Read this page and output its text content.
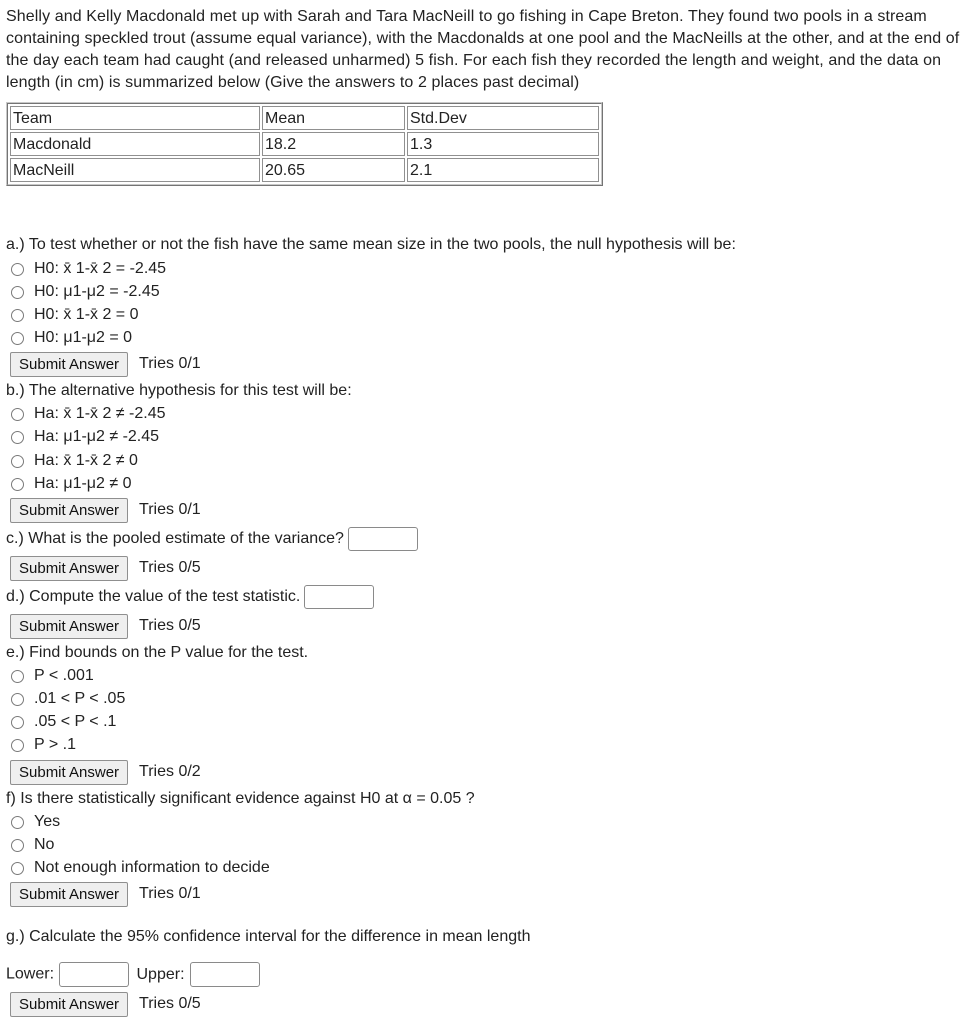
Shelly and Kelly Macdonald met up with Sarah and Tara MacNeill to go fishing in Cape Breton. They found two pools in a stream containing speckled trout (assume equal variance), with the Macdonalds at one pool and the MacNeills at the other, and at the end of the day each team had caught (and released unharmed) 5 fish. For each fish they recorded the length and weight, and the data on length (in cm) is summarized below (Give the answers to 2 places past decimal)

Team	Mean	Std.Dev
Macdonald	18.2	1.3
MacNeill	20.65	2.1
a.) To test whether or not the fish have the same mean size in the two pools, the null hypothesis will be:
H0: x̄ 1-x̄ 2 = -2.45
H0: μ1-μ2 = -2.45
H0: x̄ 1-x̄ 2 = 0
H0: μ1-μ2 = 0
Submit Answer	Tries 0/1
b.) The alternative hypothesis for this test will be:
Ha: x̄ 1-x̄ 2 ≠ -2.45
Ha: μ1-μ2 ≠ -2.45
Ha: x̄ 1-x̄ 2 ≠ 0
Ha: μ1-μ2 ≠ 0
Submit Answer	Tries 0/1
c.) What is the pooled estimate of the variance?
Submit Answer	Tries 0/5
d.) Compute the value of the test statistic.
Submit Answer	Tries 0/5
e.) Find bounds on the P value for the test.
P < .001
.01 < P < .05
.05 < P < .1
P > .1
Submit Answer	Tries 0/2
f) Is there statistically significant evidence against H0 at α = 0.05 ?
Yes
No
Not enough information to decide
Submit Answer	Tries 0/1
g.) Calculate the 95% confidence interval for the difference in mean length
Lower:	Upper:
Submit Answer	Tries 0/5
